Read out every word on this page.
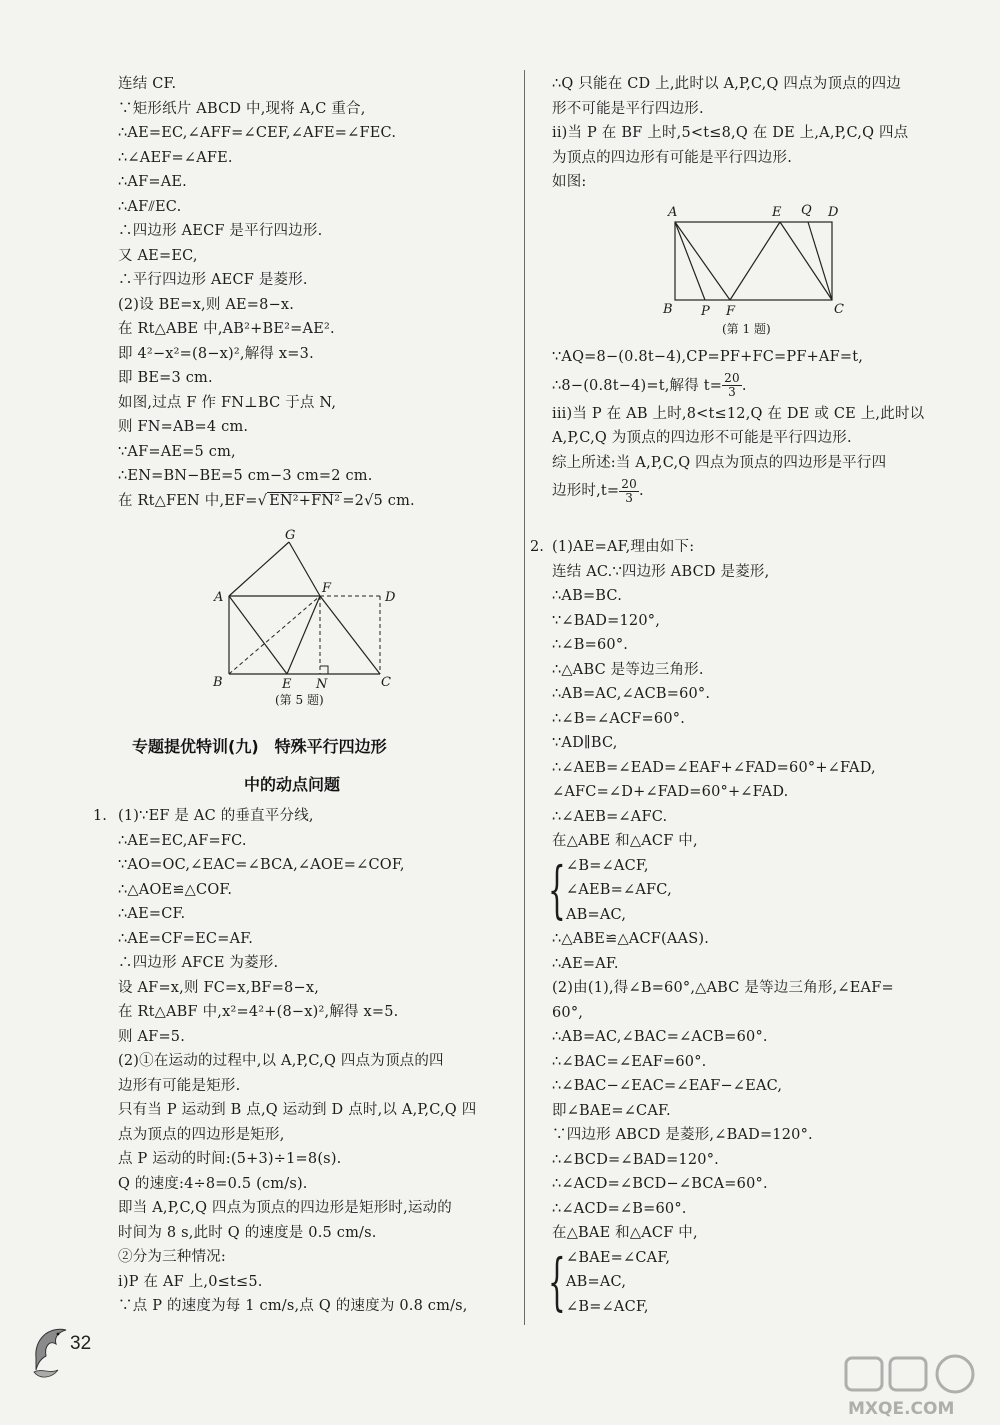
连结 CF.
∵矩形纸片 ABCD 中,现将 A,C 重合,
∴AE=EC,∠AFF=∠CEF,∠AFE=∠FEC.
∴∠AEF=∠AFE.
∴AF=AE.
∴AF⫽EC.
∴四边形 AECF 是平行四边形.
又 AE=EC,
∴平行四边形 AECF 是菱形.
(2)设 BE=x,则 AE=8−x.
在 Rt△ABE 中,AB²+BE²=AE².
即 4²−x²=(8−x)²,解得 x=3.
即 BE=3 cm.
如图,过点 F 作 FN⊥BC 于点 N,
则 FN=AB=4 cm.
∵AF=AE=5 cm,
∴EN=BN−BE=5 cm−3 cm=2 cm.
在 Rt△FEN 中,EF=√ EN²+FN² =2√5 cm.
G
F
A	D
B	E N	C
(第 5 题)
专题提优特训(九)　特殊平行四边形
中的动点问题
1. (1)∵EF 是 AC 的垂直平分线,
∴AE=EC,AF=FC.
∵AO=OC,∠EAC=∠BCA,∠AOE=∠COF,
∴△AOE≌△COF.
∴AE=CF.
∴AE=CF=EC=AF.
∴四边形 AFCE 为菱形.
设 AF=x,则 FC=x,BF=8−x,
在 Rt△ABF 中,x²=4²+(8−x)²,解得 x=5.
则 AF=5.
(2)①在运动的过程中,以 A,P,C,Q 四点为顶点的四
边形有可能是矩形.
只有当 P 运动到 B 点,Q 运动到 D 点时,以 A,P,C,Q 四
点为顶点的四边形是矩形,
点 P 运动的时间:(5+3)÷1=8(s).
Q 的速度:4÷8=0.5 (cm/s).
即当 A,P,C,Q 四点为顶点的四边形是矩形时,运动的
时间为 8 s,此时 Q 的速度是 0.5 cm/s.
②分为三种情况:
i)P 在 AF 上,0≤t≤5.
∵点 P 的速度为每 1 cm/s,点 Q 的速度为 0.8 cm/s,
∴Q 只能在 CD 上,此时以 A,P,C,Q 四点为顶点的四边
形不可能是平行四边形.
ii)当 P 在 BF 上时,5<t≤8,Q 在 DE 上,A,P,C,Q 四点
为顶点的四边形有可能是平行四边形.
如图:
A	E Q D
B P F	C
(第 1 题)
∵AQ=8−(0.8t−4),CP=PF+FC=PF+AF=t,
∴8−(0.8t−4)=t,解得 $t= \frac{20}{3}$ .
iii)当 P 在 AB 上时,8<t≤12,Q 在 DE 或 CE 上,此时以
A,P,C,Q 为顶点的四边形不可能是平行四边形.
综上所述:当 A,P,C,Q 四点为顶点的四边形是平行四
边形时$,t= \frac{20}{3}$ .
2. (1)AE=AF,理由如下:
连结 AC.∵四边形 ABCD 是菱形,
∴AB=BC.
∵∠BAD=120°,
∴∠B=60°.
∴△ABC 是等边三角形.
∴AB=AC,∠ACB=60°.
∴∠B=∠ACF=60°.
∵AD∥BC,
∴∠AEB=∠EAD=∠EAF+∠FAD=60°+∠FAD,
∠AFC=∠D+∠FAD=60°+∠FAD.
∴∠AEB=∠AFC.
在△ABE 和△ACF 中,
{ ∠B=∠ACF,
∠AEB=∠AFC,
AB=AC,
∴△ABE≌△ACF(AAS).
∴AE=AF.
(2)由(1),得∠B=60°,△ABC 是等边三角形,∠EAF=
60°,
∴AB=AC,∠BAC=∠ACB=60°.
∴∠BAC=∠EAF=60°.
∴∠BAC−∠EAC=∠EAF−∠EAC,
即∠BAE=∠CAF.
∵四边形 ABCD 是菱形,∠BAD=120°.
∴∠BCD=∠BAD=120°.
∴∠ACD=∠BCD−∠BCA=60°.
∴∠ACD=∠B=60°.
在△BAE 和△ACF 中,
{ ∠BAE=∠CAF,
AB=AC,
∠B=∠ACF,
32
MXQE.COM
